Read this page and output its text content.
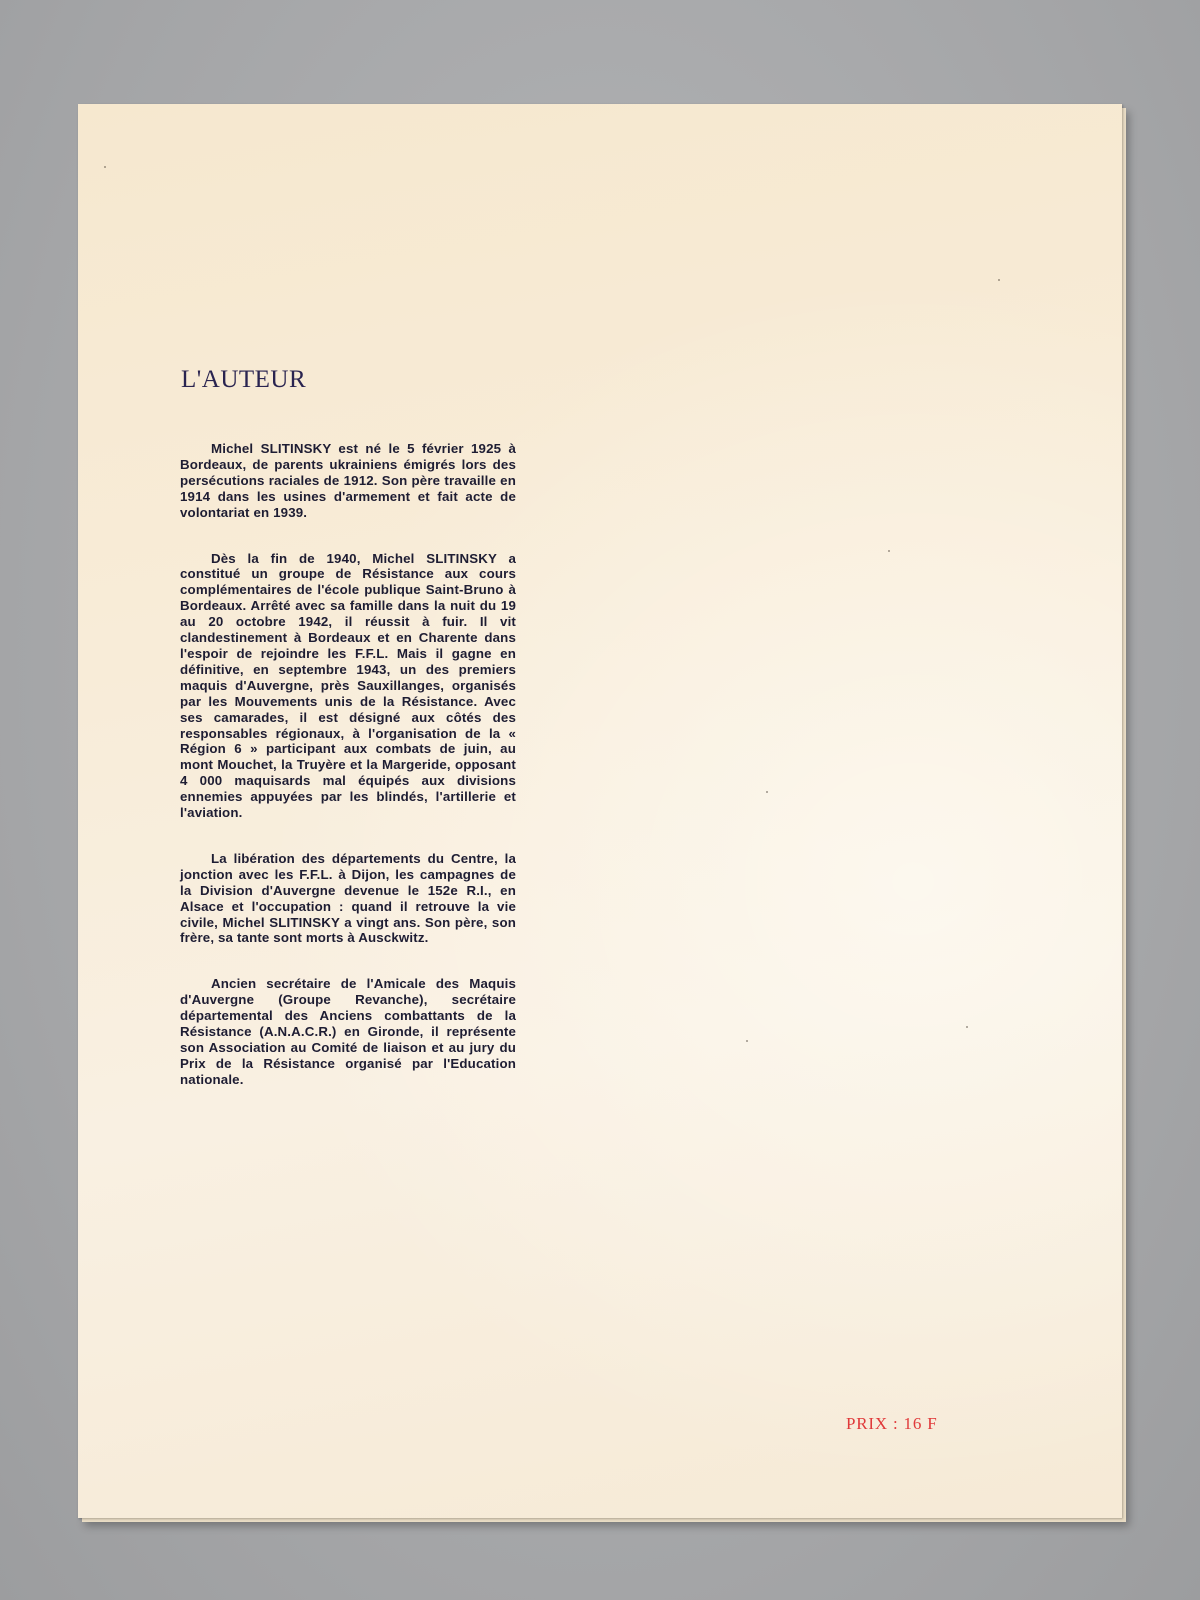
L'AUTEUR

Michel SLITINSKY est né le 5 février 1925 à Bordeaux, de parents ukrainiens émigrés lors des persécutions raciales de 1912. Son père travaille en 1914 dans les usines d'armement et fait acte de volontariat en 1939.

Dès la fin de 1940, Michel SLITINSKY a constitué un groupe de Résistance aux cours complémentaires de l'école publique Saint-Bruno à Bordeaux. Arrêté avec sa famille dans la nuit du 19 au 20 octobre 1942, il réussit à fuir. Il vit clandestinement à Bordeaux et en Charente dans l'espoir de rejoindre les F.F.L. Mais il gagne en définitive, en septembre 1943, un des premiers maquis d'Auvergne, près Sauxillanges, organisés par les Mouvements unis de la Résistance. Avec ses camarades, il est désigné aux côtés des responsables régionaux, à l'organisation de la « Région 6 » participant aux combats de juin, au mont Mouchet, la Truyère et la Margeride, opposant 4 000 maquisards mal équipés aux divisions ennemies appuyées par les blindés, l'artillerie et l'aviation.

La libération des départements du Centre, la jonction avec les F.F.L. à Dijon, les campagnes de la Division d'Auvergne devenue le 152e R.I., en Alsace et l'occupation : quand il retrouve la vie civile, Michel SLITINSKY a vingt ans. Son père, son frère, sa tante sont morts à Ausckwitz.

Ancien secrétaire de l'Amicale des Maquis d'Auvergne (Groupe Revanche), secrétaire départemental des Anciens combattants de la Résistance (A.N.A.C.R.) en Gironde, il représente son Association au Comité de liaison et au jury du Prix de la Résistance organisé par l'Education nationale.

PRIX : 16 F
